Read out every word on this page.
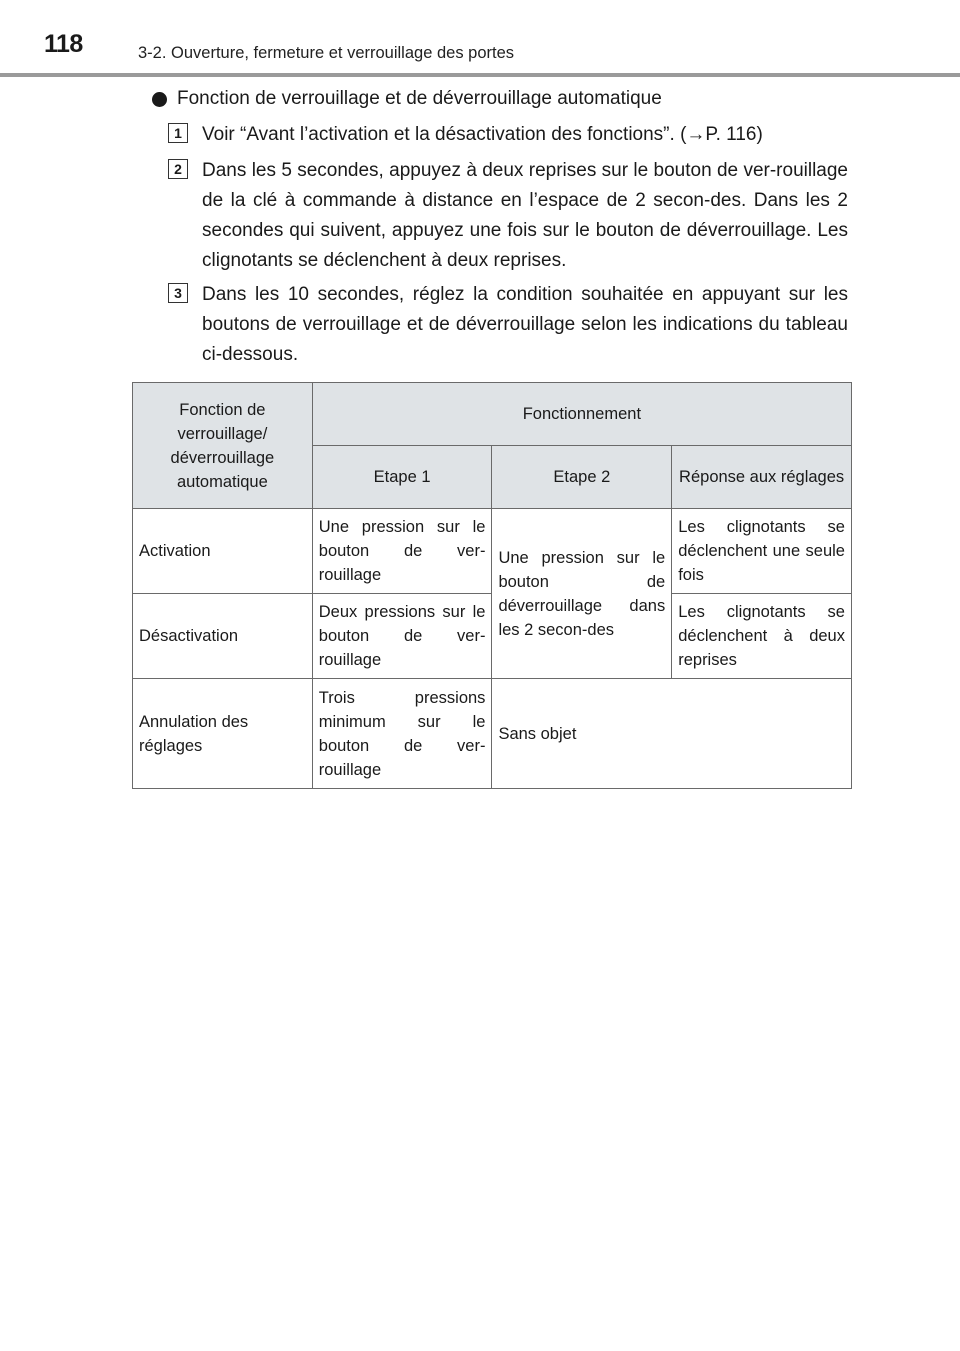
118	3-2. Ouverture, fermeture et verrouillage des portes
Fonction de verrouillage et de déverrouillage automatique
1	Voir “Avant l’activation et la désactivation des fonctions”. (→P. 116)
2	Dans les 5 secondes, appuyez à deux reprises sur le bouton de ver-rouillage de la clé à commande à distance en l’espace de 2 secon-des. Dans les 2 secondes qui suivent, appuyez une fois sur le bouton de déverrouillage. Les clignotants se déclenchent à deux reprises.
3	Dans les 10 secondes, réglez la condition souhaitée en appuyant sur les boutons de verrouillage et de déverrouillage selon les indications du tableau ci-dessous.
Fonction de verrouillage/ déverrouillage automatique	Fonctionnement		
	Etape 1	Etape 2	Réponse aux réglages
Activation	Une pression sur le bouton de ver-rouillage	Une pression sur le bouton de déverrouillage dans les 2 secon-des	Les clignotants se déclenchent une seule fois
Désactivation	Deux pressions sur le bouton de ver-rouillage		Les clignotants se déclenchent à deux reprises
Annulation des réglages	Trois pressions minimum sur le bouton de ver-rouillage	Sans objet	
